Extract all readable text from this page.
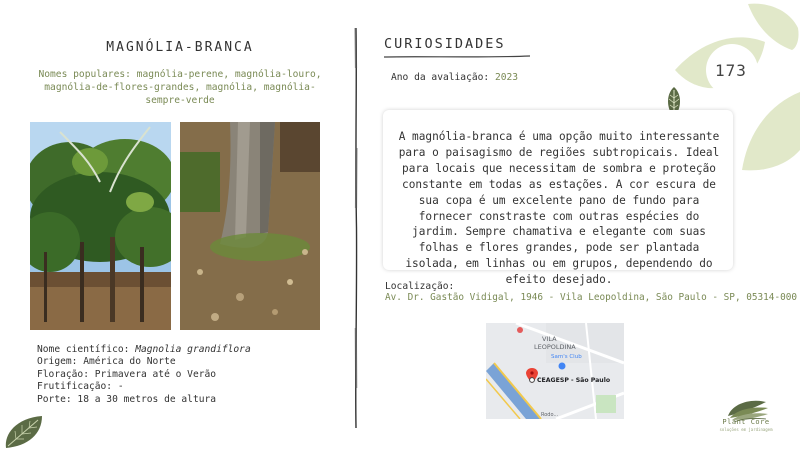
173
MAGNÓLIA-BRANCA
Nomes populares: magnólia-perene, magnólia-louro, magnólia-de-flores-grandes, magnólia, magnólia-sempre-verde
Nome científico: Magnolia grandiflora
Origem: América do Norte
Floração: Primavera até o Verão
Frutificação: -
Porte: 18 a 30 metros de altura
CURIOSIDADES
Ano da avaliação: 2023
A magnólia-branca é uma opção muito interessante para o paisagismo de regiões subtropicais. Ideal para locais que necessitam de sombra e proteção constante em todas as estações. A cor escura de sua copa é um excelente pano de fundo para fornecer constraste com outras espécies do jardim. Sempre chamativa e elegante com suas folhas e flores grandes, pode ser plantada isolada, em linhas ou em grupos, dependendo do efeito desejado.
Localização:
Av. Dr. Gastão Vidigal, 1946 - Vila Leopoldina, São Paulo - SP, 05314-000
VILA
LEOPOLDINA
Sam's Club
CEAGESP - São Paulo
Rodo...
Plant Core
soluções em jardinagem
